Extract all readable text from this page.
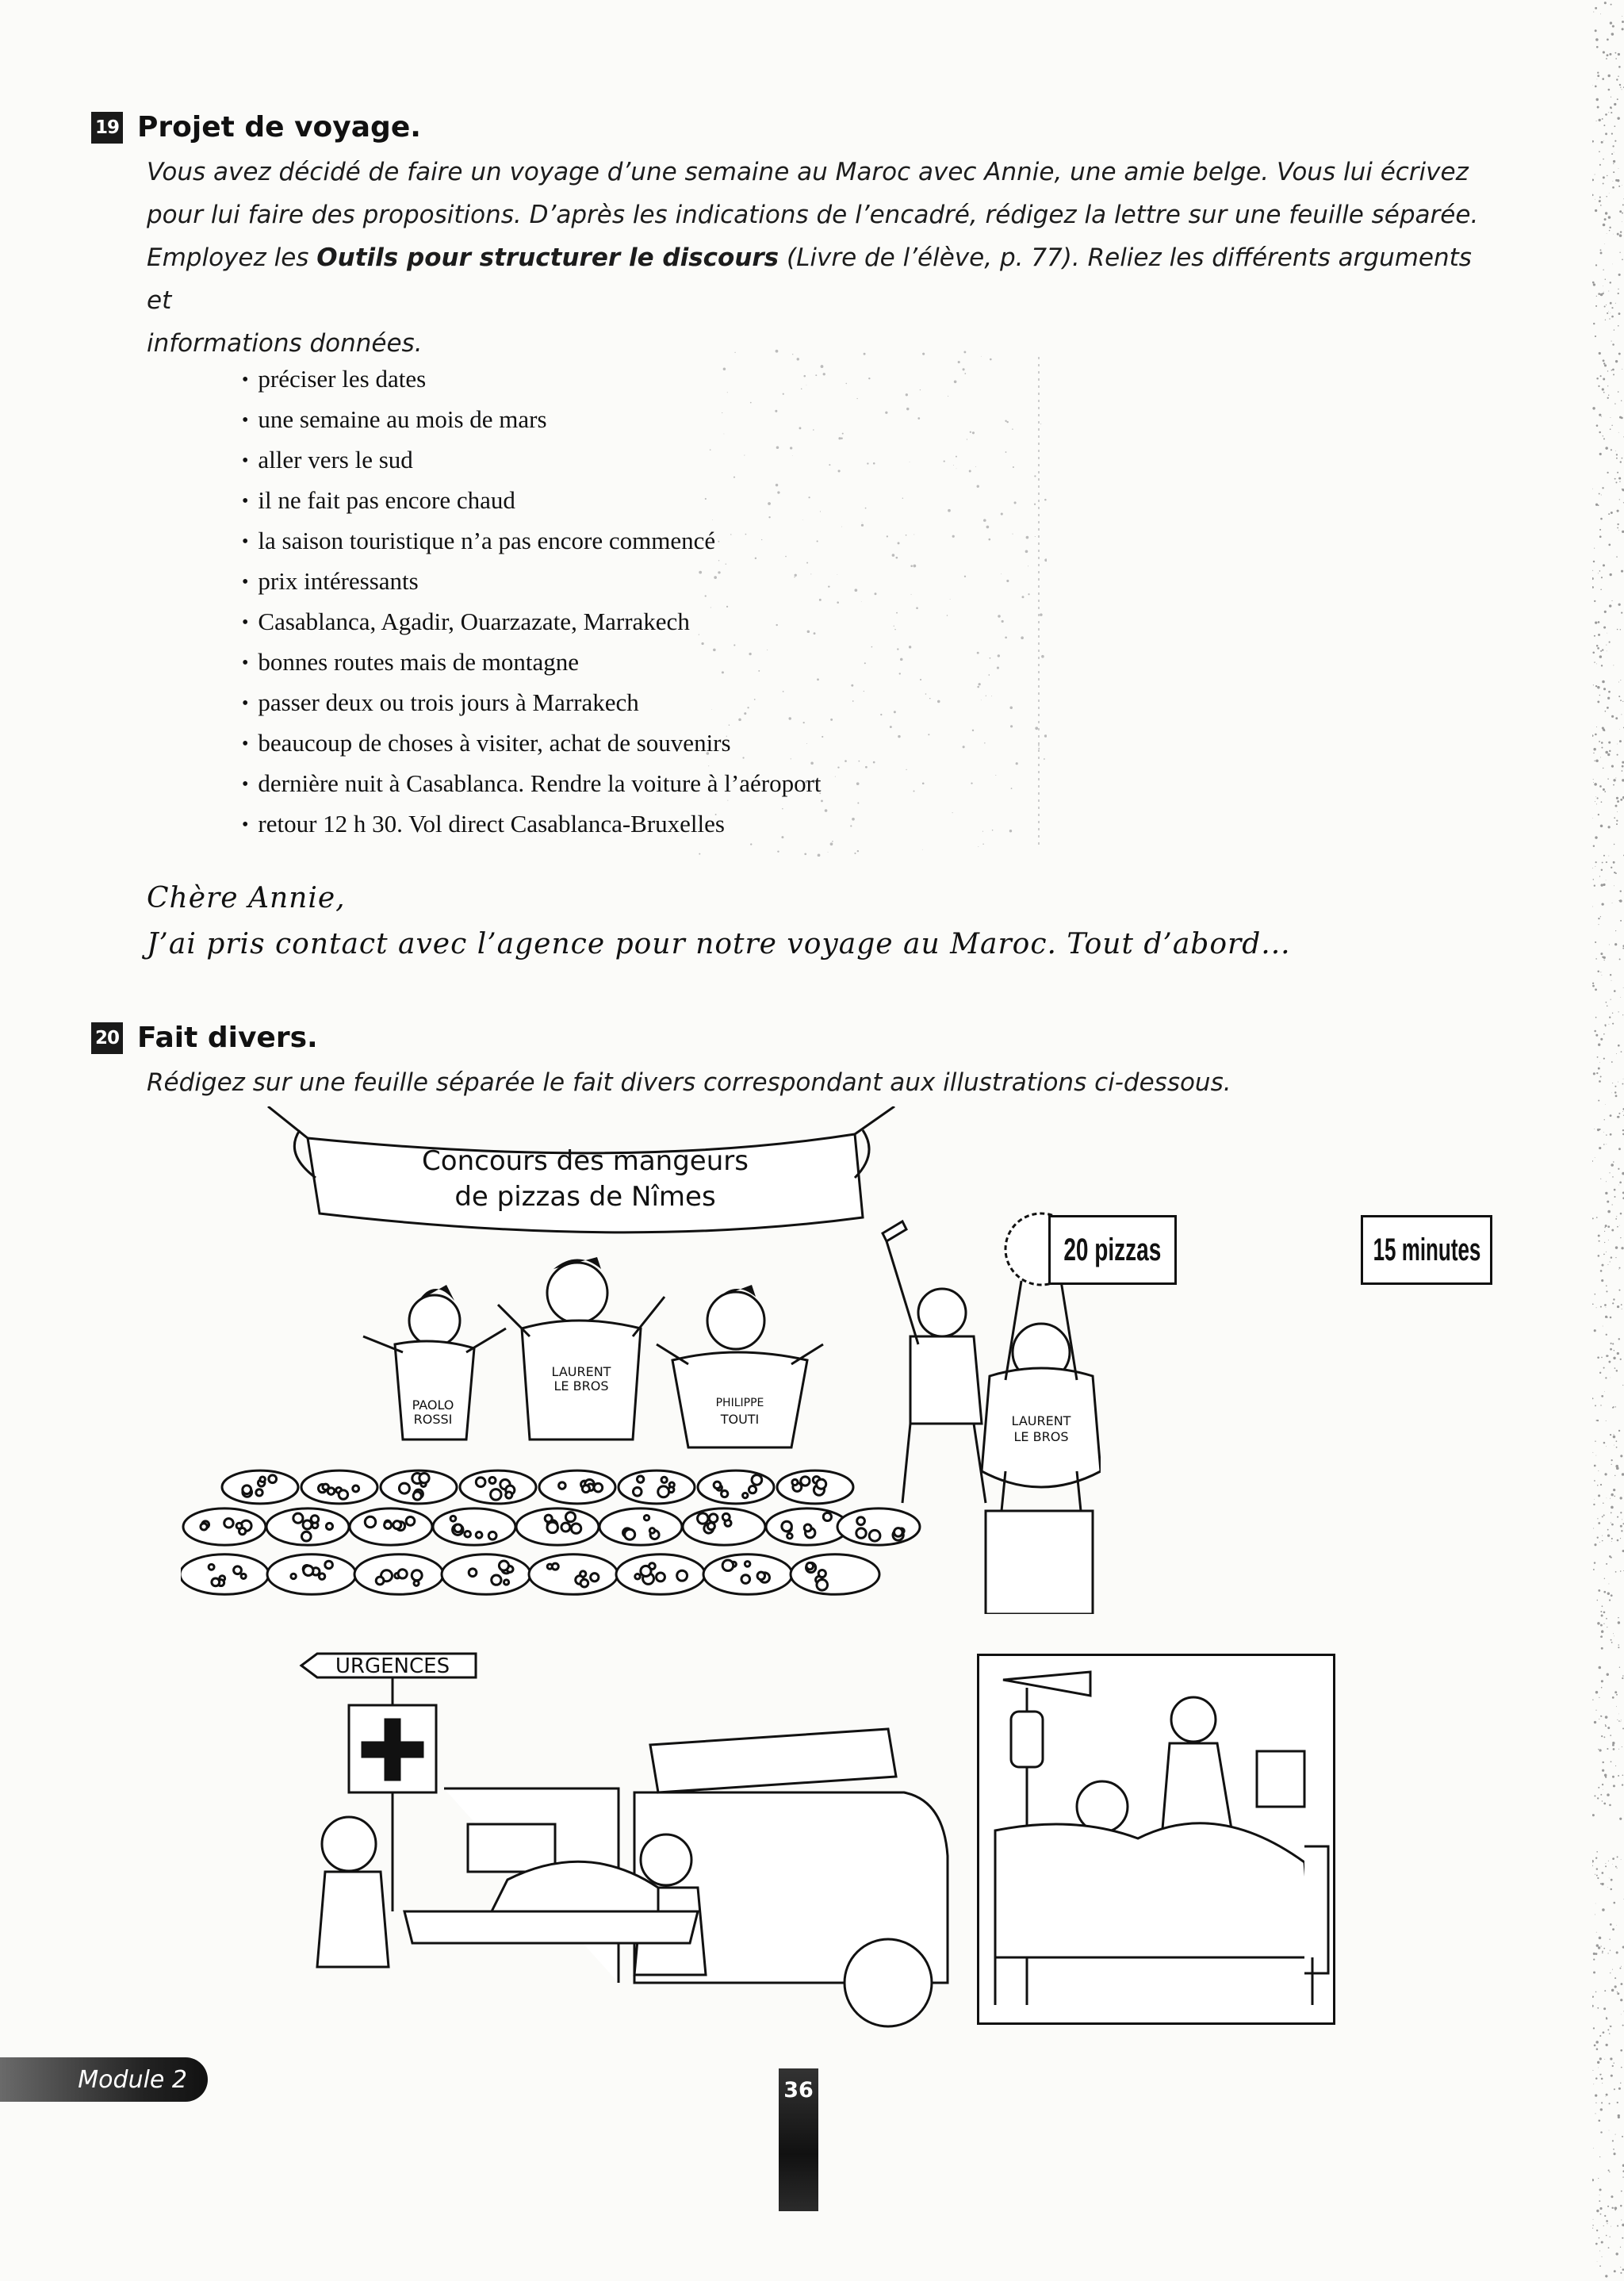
19 Projet de voyage.
Vous avez décidé de faire un voyage d’une semaine au Maroc avec Annie, une amie belge. Vous lui écrivez
pour lui faire des propositions. D’après les indications de l’encadré, rédigez la lettre sur une feuille séparée.
Employez les Outils pour structurer le discours (Livre de l’élève, p. 77). Reliez les différents arguments et
informations données.
• préciser les dates
• une semaine au mois de mars
• aller vers le sud
• il ne fait pas encore chaud
• la saison touristique n’a pas encore commencé
• prix intéressants
• Casablanca, Agadir, Ouarzazate, Marrakech
• bonnes routes mais de montagne
• passer deux ou trois jours à Marrakech
• beaucoup de choses à visiter, achat de souvenirs
• dernière nuit à Casablanca. Rendre la voiture à l’aéroport
• retour 12 h 30. Vol direct Casablanca-Bruxelles
Chère Annie,
J’ai pris contact avec l’agence pour notre voyage au Maroc. Tout d’abord...
20 Fait divers.
Rédigez sur une feuille séparée le fait divers correspondant aux illustrations ci-dessous.
Concours des mangeurs
de pizzas de Nîmes
PAOLO
ROSSI
LAURENT
LE BROS
PHILIPPE
TOUTI	LAURENT
LE BROS
20 pizzas	15 minutes
URGENCES
Module 2	36
